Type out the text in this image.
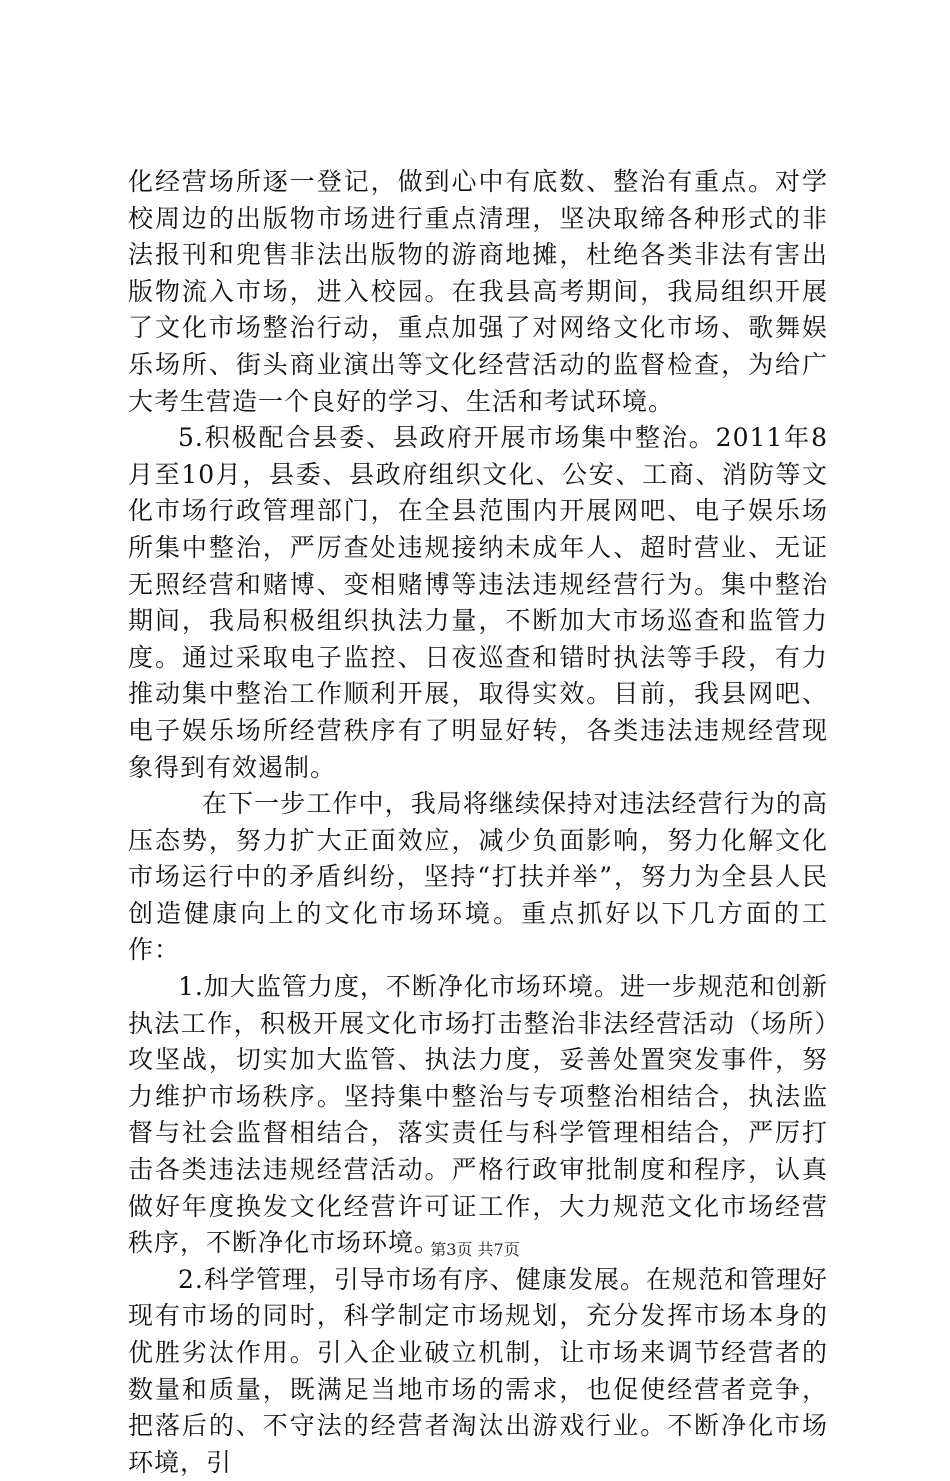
化经营场所逐一登记，做到心中有底数、整治有重点。对学校周边的出版物市场进行重点清理，坚决取缔各种形式的非法报刊和兜售非法出版物的游商地摊，杜绝各类非法有害出版物流入市场，进入校园。在我县高考期间，我局组织开展了文化市场整治行动，重点加强了对网络文化市场、歌舞娱乐场所、街头商业演出等文化经营活动的监督检查，为给广大考生营造一个良好的学习、生活和考试环境。

5.积极配合县委、县政府开展市场集中整治。2011年8月至10月，县委、县政府组织文化、公安、工商、消防等文化市场行政管理部门，在全县范围内开展网吧、电子娱乐场所集中整治，严厉查处违规接纳未成年人、超时营业、无证无照经营和赌博、变相赌博等违法违规经营行为。集中整治期间，我局积极组织执法力量，不断加大市场巡查和监管力度。通过采取电子监控、日夜巡查和错时执法等手段，有力推动集中整治工作顺利开展，取得实效。目前，我县网吧、电子娱乐场所经营秩序有了明显好转，各类违法违规经营现象得到有效遏制。

在下一步工作中，我局将继续保持对违法经营行为的高压态势，努力扩大正面效应，减少负面影响，努力化解文化市场运行中的矛盾纠纷，坚持“打扶并举”，努力为全县人民创造健康向上的文化市场环境。重点抓好以下几方面的工作：

1.加大监管力度，不断净化市场环境。进一步规范和创新执法工作，积极开展文化市场打击整治非法经营活动（场所）攻坚战，切实加大监管、执法力度，妥善处置突发事件，努力维护市场秩序。坚持集中整治与专项整治相结合，执法监督与社会监督相结合，落实责任与科学管理相结合，严厉打击各类违法违规经营活动。严格行政审批制度和程序，认真做好年度换发文化经营许可证工作，大力规范文化市场经营秩序，不断净化市场环境。

2.科学管理，引导市场有序、健康发展。在规范和管理好现有市场的同时，科学制定市场规划，充分发挥市场本身的优胜劣汰作用。引入企业破立机制，让市场来调节经营者的数量和质量，既满足当地市场的需求，也促使经营者竞争，把落后的、不守法的经营者淘汰出游戏行业。不断净化市场环境，引

第3页 共7页
